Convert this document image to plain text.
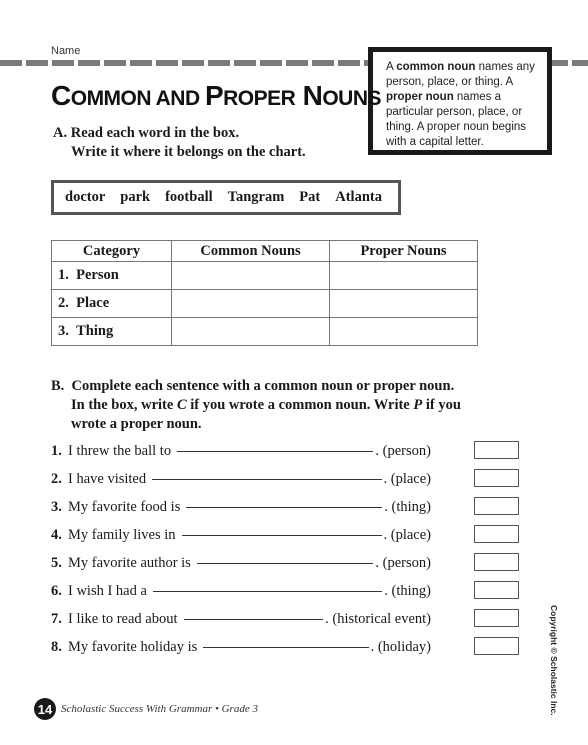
Name
A common noun names any person, place, or thing. A proper noun names a particular person, place, or thing. A proper noun begins with a capital letter.
COMMON AND PROPER NOUNS
A. Read each word in the box.
Write it where it belongs on the chart.
doctor park football Tangram Pat Atlanta
Category	Common Nouns	Proper Nouns
1. Person		
2. Place		
3. Thing		
B. Complete each sentence with a common noun or proper noun.
In the box, write C if you wrote a common noun. Write P if you
wrote a proper noun.
1. I threw the ball to	. (person)
2. I have visited	. (place)
3. My favorite food is	. (thing)
4. My family lives in	. (place)
5. My favorite author is	. (person)
6. I wish I had a	. (thing)
7. I like to read about	. (historical event)
8. My favorite holiday is	. (holiday)	Copyright © Scholastic Inc.
14 Scholastic Success With Grammar • Grade 3
